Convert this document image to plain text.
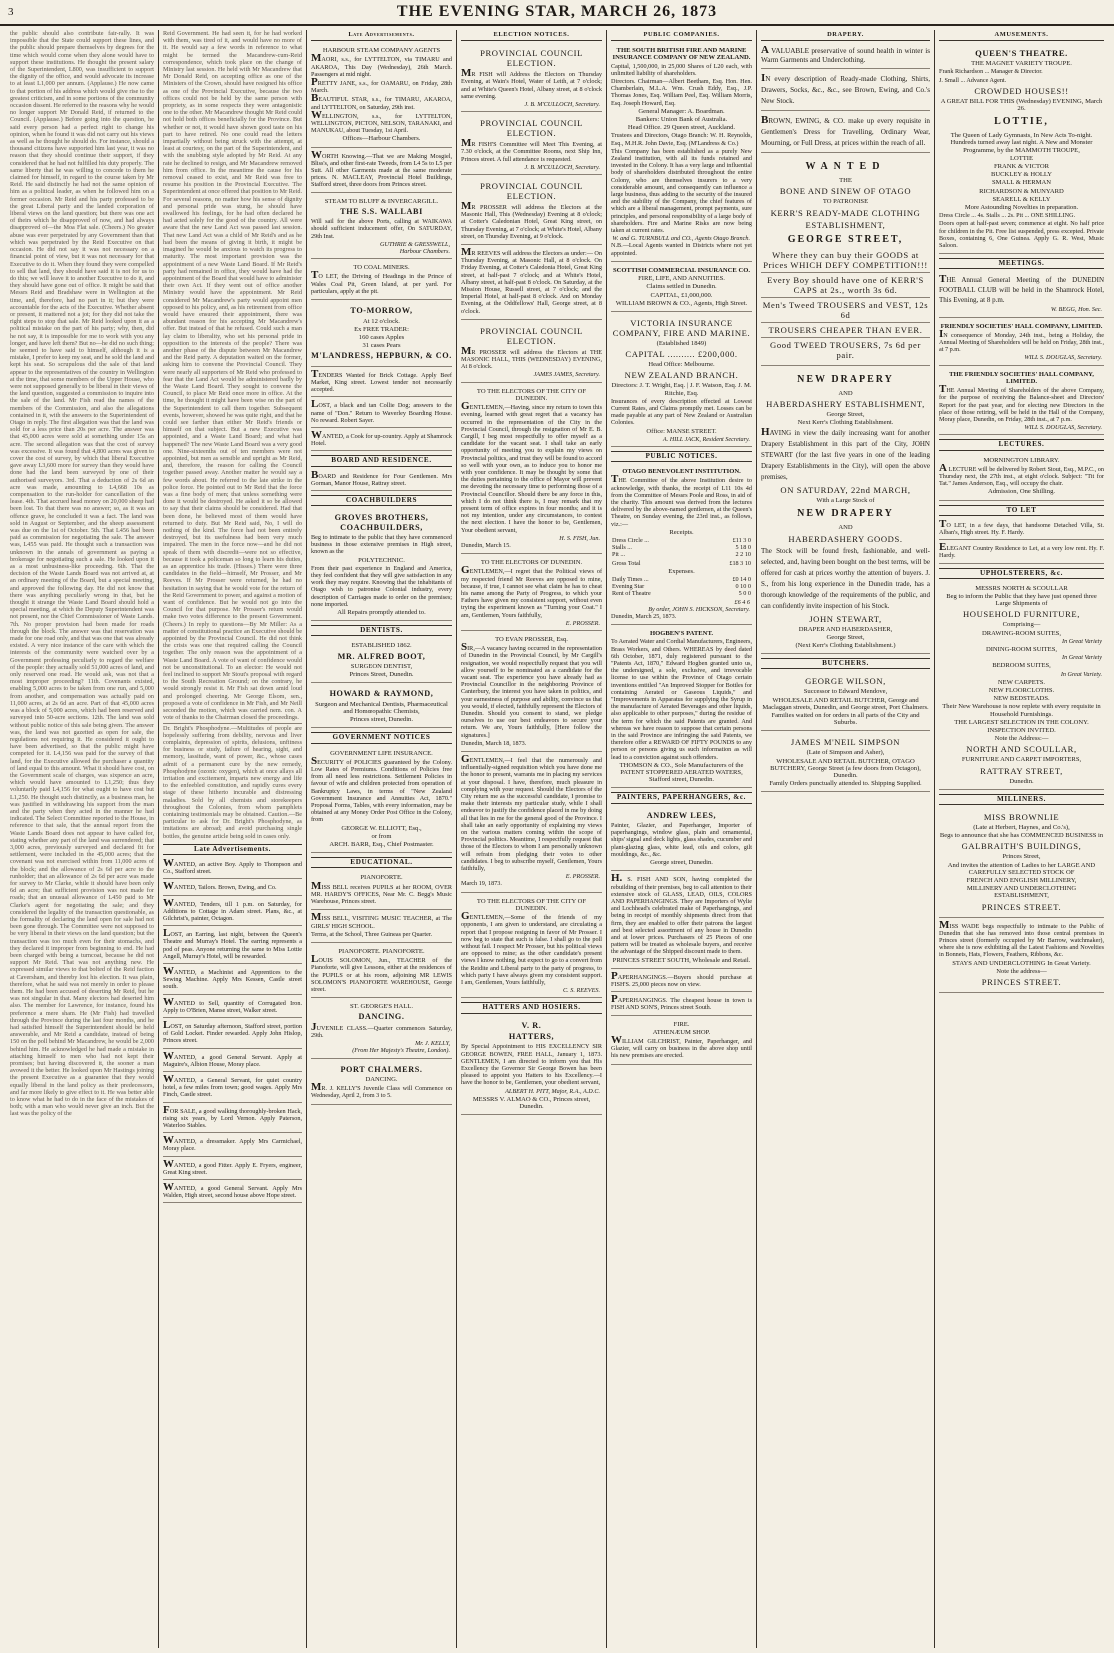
3	THE EVENING STAR, MARCH 26, 1873
the public should also contribute fair-rally. It was impossible that the State could support these lines, and the public should prepare themselves by degrees for the time which would come when they alone would have to support these institutions. He thought the present salary of the Superintendent, L800, was insufficient to support the dignity of the office, and would advocate its increase to at least L1,000 per annum. (Applause.) He now came to that portion of his address which would give rise to the greatest criticism, and in some portions of the community occasion dissent. He referred to the reasons why he would no longer support Mr Donald Reid, if returned to the Council. (Applause.) Before going into the question, he said every person had a perfect right to change his opinion, when he found it was did not carry out his views as well as he thought he should do. For instance, should a thousand citizens have supported him last year, it was no reason that they should continue their support, if they considered that he had not fulfilled his duty properly. The same liberty that he was willing to concede to them he claimed for himself, in regard to the course taken by Mr Reid. He said distinctly he had not the same opinion of him as a political leader, as when he followed him on a former occasion. Mr Reid and his party professed to be the great Liberal party and the landed corporation of liberal views on the land question; but there was one act of theirs which he disapproved of now, and had always disapproved of—the Moa Flat sale. (Cheers.) No greater abuse was ever perpetrated by any Government than that which was perpetrated by the Reid Executive on that occasion. He did not say it was not necessary on a financial point of view, but it was not necessary for that Executive to do it. When they found they were compelled to sell that land, they should have said it is not for us to do this; we will leave it to another Executive to do it, and they should have gone out of office. It might be said that Messrs Reid and Bradshaw were in Wellington at the time, and, therefore, had no part in it; but they were accountable for the acts of the Executive. Whether absent or present, it mattered not a jot; for they did not take the right steps to stop that sale. Mr Reid looked upon it as a political mistake on the part of his party; why, then, did he not say, it is impossible for me to work with you any longer, and have left them? But no—he did no such thing; he seemed to have said to himself, although it is a mistake, I prefer to keep my seat, and he sold the land and kept his seat. So scrupulous did the sale of that land appear to the representatives of the country in Wellington at the time, that some members of the Upper House, who were not supposed generally to be liberal in their views of the land question, suggested a commission to inquire into the sale of the land. Mr Fish read the names of the members of the Commission, and also the allegations contained in it, with the answers to the Superintendent of Otago in reply. The first allegation was that the land was sold for a less price than 20s per acre. The answer was that 45,000 acres were sold at something under 15s an acre. The second allegation was that the cost of survey was excessive. It was found that 4,800 acres was given to cover the cost of survey, by which that liberal Executive gave away L3,600 more for survey than they would have done had the land been surveyed by one of their authorised surveyors. 3rd. That a deduction of 2s 6d an acre was made, amounting to L4,668 10s as compensation to the run-holder for cancellation of the lease. 4th. That accrued head money on 20,000 sheep had been lost. To that there was no answer; so, as it was an offence grave, he concluded it was a fact. The land was sold in August or September, and the sheep assessment was due on the 1st of October. 5th. That L456 had been paid as commission for negotiating the sale. The answer was, L455 was paid. He thought such a transaction was unknown in the annals of government as paying a brokerage for negotiating such a sale. He looked upon it as a most unbusiness-like proceeding. 6th. That the decision of the Waste Lands Board was not arrived at, at an ordinary meeting of the Board, but a special meeting, and approved the following day. He did not know that there was anything peculiarly wrong in that, but he thought it strange the Waste Land Board should hold a special meeting, at which the Deputy Superintendent was not present, nor the Chief Commissioner of Waste Lands. 7th. No proper provision had been made for roads through the block. The answer was that reservation was made for one road only, and that was one that was already existed. A very nice instance of the care with which the interests of the community were watched over by a Government professing peculiarly to regard the welfare of the people: they actually sold 51,000 acres of land, and only reserved one road. He would ask, was not that a most improper proceeding? 11th. Covenants existed, enabling 5,000 acres to be taken from one run, and 5,000 from another, and compensation was actually paid on 11,000 acres, at 2s 6d an acre. Part of that 45,000 acres was a block of 5,000 acres, which had been reserved and surveyed into 50-acre sections. 12th. The land was sold without public notice of this sale being given. The answer was, the land was not gazetted as open for sale, the regulations not requiring it. He considered it ought to have been advertised, so that the public might have competed for it. L4,156 was paid for the survey of that land, for the Executive allowed the purchaser a quantity of land equal to this amount. What it should have cost, on the Government scale of charges, was sixpence an acre, which would have amounted to L1,250; thus they voluntarily paid L4,156 for what ought to have cost but L1,250. He thought such distinctly, as a business man, he was justified in withdrawing his support from the man and the party when they acted in the manner he had indicated. The Select Committee reported to the House, in reference to that sale, that the annual report from the Waste Lands Board does not appear to have called for, stating whether any part of the land was surrendered; that 3,000 acres, previously surveyed and declared fit for settlement, were included in the 45,000 acres; that the covenant was not exercised within from 11,000 acres of the block; and the allowance of 2s 6d per acre to the runholder; that an allowance of 2s 6d per acre was made for survey to Mr Clarke, while it should have been only 6d an acre; that sufficient provision was not made for roads; that an unusual allowance of L450 paid to Mr Clarke's agent for negotiating the sale; and they considered the legality of the transaction questionable, as the formality of declaring the land open for sale had not been gone through. The Committee were not supposed to be very liberal in their views on the land question; but the transaction was too much even for their stomachs, and they declared it improper from beginning to end. He had been charged with being a turncoat, because he did not support Mr Reid. That was not anything new. He expressed similar views to that bolted of the Reid faction at Caversham, and thereby lost his election. It was plain, therefore, what he said was not merely in order to please them. He had been accused of deserting Mr Reid, but he was not singular in that. Many electors had deserted him also. The member for Lawrence, for instance, found his preference a mere sham. He (Mr Fish) had travelled through the Province during the last four months, and he had satisfied himself the Superintendent should be held answerable, and Mr Reid a candidate, instead of being 150 on the poll behind Mr Macandrew, he would be 2,000 behind him. He acknowledged he had made a mistake in attaching himself to men who had not kept their promises; but having discovered it, the sooner a man avowed it the better. He looked upon Mr Hastings joining the present Executive as a guarantee that they would equally liberal in the land policy as their predecessors, and far more likely to give effect to it. He was better able to know what he had to do in the face of the mistakes of both; with a man who would never give an inch. But the last was the policy of the
Reid Government. He had seen it, for he had worked with them, was tired of it, and would have no more of it. He would say a few words in reference to what might be termed the Macandrew-cum-Reid correspondence, which took place on the change of Ministry last session. He held with Mr Macandrew that Mr Donald Reid, on accepting office as one of the Ministers of the Crown, should have resigned his office as one of the Provincial Executive, because the two offices could not be held by the same person with propriety, as in some respects they were antagonistic one to the other. Mr Macandrew thought Mr Reid could not hold both offices beneficially for the Province. But whether or not, it would have shown good taste on his part to have retired. No one could read the letters impartially without being struck with the attempt, at least at courtesy, on the part of the Superintendent, and with the snubbing style adopted by Mr Reid. At any rate he declined to resign, and Mr Macandrew removed him from office. In the meantime the cause for his removal ceased to exist, and Mr Reid was free to resume his position in the Provincial Executive. The Superintendent at once offered that position to Mr Reid. For several reasons, no matter how his sense of dignity and personal pride was stung, he should have swallowed his feelings, for he had often declared he had acted solely for the good of the country. All were aware that the new Land Act was passed last session. That new Land Act was a child of Mr Reid's and as he had been the means of giving it birth, it might be imagined he would be anxious to watch its progress to maturity. The most important provision was the appointment of a new Waste Land Board. If Mr Reid's party had remained in office, they would have had the appointment of the Board that would have to administer their own Act. If they went out of office another Ministry would have the appointment. Mr Reid considered Mr Macandrew's party would appoint men opposed to his policy, and, as his retirement from office would have ensured their appointment, there was abundant reason for his accepting Mr Macandrew's offer. But instead of that he refused. Could such a man lay claim to liberality, who set his personal pride in opposition to the interests of the people? There was another phase of the dispute between Mr Macandrew and the Reid party. A deputation waited on the former, asking him to convene the Provincial Council. They were nearly all supporters of Mr Reid who professed to fear that the Land Act would be administered badly by the Waste Land Board. They sought to convene the Council, to place Mr Reid once more in office. At the time, he thought it might have been wise on the part of the Superintendent to call them together. Subsequent events, however, showed he was quite right, and that he could see farther than either Mr Reid's friends or himself on that subject. But a new Executive was appointed, and a Waste Land Board; and what had happened? The new Waste Land Board was a very good one. Nine-sixteenths out of ten members were not appointed, but men as sensible and upright as Mr Reid, and, therefore, the reason for calling the Council together passed away. Another matter he would say a few words about. He referred to the late strike in the police force. He pointed out to Mr Reid that the force was a fine body of men; that unless something were done it would be destroyed. He asked it so be allowed to say that their claims should be considered. Had that been done, he believed most of them would have returned to duty. But Mr Reid said, No, I will do nothing of the kind. The force had not been entirely destroyed, but its usefulness had been very much impaired. The men in the force now—and he did not speak of them with discredit—were not so effective, because it took a policeman so long to learn his duties, as an apprentice his trade. (Hisses.) There were three candidates in the field—himself, Mr Prosser, and Mr Reeves. If Mr Prosser were returned, he had no hesitation in saying that he would vote for the return of the Reid Government to power, and against a motion of want of confidence. But he would not go into the Council for that purpose. Mr Prosser's return would make two votes difference to the present Government. (Cheers.) In reply to questions—By Mr Miller: As a matter of constitutional practice an Executive should be appointed by the Provincial Council. He did not think the crisis was one that required calling the Council together. The only reason was the appointment of a Waste Land Board. A vote of want of confidence would not be unconstitutional. To an elector: He would not feel inclined to support Mr Stout's proposal with regard to the South Recreation Ground; on the contrary, he would strongly resist it. Mr Fish sat down amid loud and prolonged cheering. Mr George Elsom, sen., proposed a vote of confidence in Mr Fish, and Mr Neill seconded the motion, which was carried nem. con. A vote of thanks to the Chairman closed the proceedings.
Dr. Bright's Phosphodyne.—Multitudes of people are hopelessly suffering from debility, nervous and liver complaints, depression of spirits, delusions, unfitness for business or study, failure of hearing, sight, and memory, lassitude, want of power, &c., whose cases admit of a permanent cure by the new remedy, Phosphodyne (ozonic oxygen), which at once allays all irritation and excitement, imparts new energy and life to the enfeebled constitution, and rapidly cures every stage of these hitherto incurable and distressing maladies. Sold by all chemists and storekeepers throughout the Colonies, from whom pamphlets containing testimonials may be obtained. Caution.—Be particular to ask for Dr. Bright's Phosphodyne, as imitations are abroad; and avoid purchasing single bottles, the genuine article being sold in cases only.
Late Advertisements.
WANTED, an active Boy. Apply to Thompson and Co., Stafford street.
WANTED, Tailors. Brown, Ewing, and Co.
WANTED, Tenders, till 1 p.m. on Saturday, for Additions to Cottage in Adam street. Plans, &c., at Gilchrist's, painter, Octagon.
LOST, an Earring, last night, between the Queen's Theatre and Murray's Hotel. The earring represents a pod of peas. Anyone returning the same to Miss Lottie Angell, Murray's Hotel, will be rewarded.
WANTED, a Machinist and Apprentices to the Sewing Machine. Apply Mrs Kessen, Castle street south.
WANTED to Sell, quantity of Corrugated Iron. Apply to O'Brien, Manse street, Walker street.
LOST, on Saturday afternoon, Stafford street, portion of Gold Locket. Finder rewarded. Apply John Hislop, Princes street.
WANTED, a good General Servant. Apply at Maguire's, Albion House, Moray place.
WANTED, a General Servant, for quiet country hotel, a few miles from town; good wages. Apply Mrs Finch, Castle street.
FOR SALE, a good walking thoroughly-broken Hack, rising six years, by Lord Vernon. Apply Paterson, Waterloo Stables.
WANTED, a dressmaker. Apply Mrs Carmichael, Moray place.
WANTED, a good Fitter. Apply E. Fryers, engineer, Great King street.
WANTED, a good General Servant. Apply Mrs Walden, High street, second house above Hope street.
Late Advertisements.
HARBOUR STEAM COMPANY AGENTS

MAORI, s.s., for LYTTELTON, via TIMARU and AKAROA, This Day (Wednesday), 26th March. Passengers at mid night.

PRETTY JANE, s.s., for OAMARU, on Friday, 28th March.

BEAUTIFUL STAR, s.s., for TIMARU, AKAROA, and LYTTELTON, on Saturday, 29th inst.

WELLINGTON, s.s., for LYTTELTON, WELLINGTON, PICTON, NELSON, TARANAKI, and MANUKAU, about Tuesday, 1st April.

Offices—Harbour Chambers.
WORTH Knowing.—That we are Making Mosgiel, Bliss's, and other first-rate Tweeds, from L4 5s to L5 per Suit. All other Garments made at the same moderate prices. N. MACLEAY, Provincial Hotel Buildings, Stafford street, three doors from Princes street.
STEAM TO BLUFF & INVERCARGILL.
THE S.S. WALLABI

Will sail for the above Ports, calling at WAIKAWA should sufficient inducement offer, On SATURDAY, 29th Inst.

GUTHRIE & GRESSWELL,
Harbour Chambers.
TO COAL MINERS.

TO LET, the Driving of Headings in the Prince of Wales Coal Pit, Green Island, at per yard. For particulars, apply at the pit.

TO-MORROW,
At 12 o'clock.
Ex FREE TRADER:
160 cases Apples
31 cases Pears
M'LANDRESS, HEPBURN, & CO.
TENDERS Wanted for Brick Cottage. Apply Beef Market, King street. Lowest tender not necessarily accepted.
LOST, a black and tan Collie Dog; answers to the name of "Don." Return to Waverley Boarding House. No reward. Robert Sayer.
WANTED, a Cook for up-country. Apply at Shamrock Hotel.
BOARD AND RESIDENCE.
BOARD and Residence for Four Gentlemen. Mrs Gorman, Manor House, Rattray street.
COACHBUILDERS
GROVES BROTHERS, COACHBUILDERS,

Beg to intimate to the public that they have commenced business in those extensive premises in High street, known as the

POLYTECHNIC.

From their past experience in England and America, they feel confident that they will give satisfaction in any work they may require. Knowing that the inhabitants of Otago wish to patronise Colonial industry, every description of Carriages made to order on the premises; none imported.

All Repairs promptly attended to.
DENTISTS.
ESTABLISHED 1862.
MR. ALFRED BOOT,
SURGEON DENTIST,
Princes Street, Dunedin.
HOWARD & RAYMOND,
Surgeon and Mechanical Dentists, Pharmaceutical and Homœopathic Chemists,
Princes street, Dunedin.
GOVERNMENT NOTICES
GOVERNMENT LIFE INSURANCE.

SECURITY of POLICIES guaranteed by the Colony. Low Rates of Premiums. Conditions of Policies free from all need less restrictions. Settlement Policies in favour of wife and children protected from operation of Bankruptcy Laws, in terms of "New Zealand Government Insurance and Annuities Act, 1870." Proposal Forms, Tables, with every information, may be obtained at any Money Order Post Office in the Colony, from

GEORGE W. ELLIOTT, Esq.,
or from
ARCH. BARR, Esq., Chief Postmaster.
EDUCATIONAL.
PIANOFORTE.

MISS BELL receives PUPILS at her ROOM, OVER MR. HARDY'S OFFICES, Near Mr. C. Begg's Music Warehouse, Princes street.

MISS BELL, VISITING MUSIC TEACHER, at The GIRLS' HIGH SCHOOL.

Terms, at the School, Three Guineas per Quarter.

PIANOFORTE. PIANOFORTE.

LOUIS SOLOMON, Jun., TEACHER of the Pianoforte, will give Lessons, either at the residences of the PUPILS or at his room, adjoining MR LEWIS SOLOMON'S PIANOFORTE WAREHOUSE, George street.

ST. GEORGE'S HALL.
DANCING.

JUVENILE CLASS.—Quarter commences Saturday, 29th.

Mr. J. KELLY,
(From Her Majesty's Theatre, London).
PORT CHALMERS.
DANCING.

MR. J. KELLY'S Juvenile Class will Commence on Wednesday, April 2, from 3 to 5.

ELECTION NOTICES.
PROVINCIAL COUNCIL ELECTION.

MR FISH will Address the Electors on Thursday Evening, at Wain's Hotel, Water of Leith, at 7 o'clock; and at White's Queen's Hotel, Albany street, at 8 o'clock same evening.

J. B. M'CULLOCH, Secretary.
PROVINCIAL COUNCIL ELECTION.

MR FISH'S Committee will Meet This Evening, at 7.30 o'clock, at the Committee Rooms, next Ship Inn, Princes street. A full attendance is requested.

J. B. M'CULLOCH, Secretary.
PROVINCIAL COUNCIL ELECTION.

MR PROSSER will address the Electors at the Masonic Hall, This (Wednesday) Evening at 8 o'clock; at Cotter's Caledonian Hotel, Great King street, on Thursday Evening, at 7 o'clock; at White's Hotel, Albany street, on Thursday Evening, at 9 o'clock.

MR REEVES will address the Electors as under:— On Thursday Evening, at Masonic Hall, at 8 o'clock. On Friday Evening, at Cotter's Caledonia Hotel, Great King street, at half-past 7 o'clock; and at White's Hotel, Albany street, at half-past 8 o'clock. On Saturday, at the Mission House, Russell street, at 7 o'clock; and the Imperial Hotel, at half-past 8 o'clock. And on Monday Evening, at the Oddfellows' Hall, George street, at 8 o'clock.

PROVINCIAL COUNCIL ELECTION.

MR PROSSER will address the Electors at THE MASONIC HALL, THIS (WEDNESDAY) EVENING, At 8 o'clock.

JAMES JAMES, Secretary.
TO THE ELECTORS OF THE CITY OF DUNEDIN.

GENTLEMEN,—Having, since my return to town this evening, learned with great regret that a vacancy has occurred in the representation of the City in the Provincial Council, through the resignation of Mr E. B. Cargill, I beg most respectfully to offer myself as a candidate for the vacant seat. I shall take an early opportunity of meeting you to explain my views on Provincial politics, and trust they will be found to accord so well with your own, as to induce you to honor me with your confidence. It may be thought by some that the duties pertaining to the office of Mayor will prevent me devoting the necessary time to performing those of a Provincial Councillor. Should there be any force in this, which I do not think there is, I may remark that my present term of office expires in four months; and it is not my intention, under any circumstances, to contest the next election. I have the honor to be, Gentlemen, Your obedient servant,

H. S. FISH, Jun.

Dunedin, March 15.

TO THE ELECTORS OF DUNEDIN.

GENTLEMEN,—I regret that the Political views of my respected friend Mr Reeves are opposed to mine, because, if true, I cannot see what claim he has to cheat his name among the Party of Progress, to which your Fathers have given my consistent support, without even trying the experiment known as "Turning your Coat." I am, Gentlemen, Yours faithfully,

E. PROSSER.
TO EVAN PROSSER, Esq.

SIR,—A vacancy having occurred in the representation of Dunedin in the Provincial Council, by Mr Cargill's resignation, we would respectfully request that you will allow yourself to be nominated as a candidate for the vacant seat. The experience you have already had as Provincial Councillor in the neighboring Province of Canterbury, the interest you have taken in politics, and your earnestness of purpose and ability, convince us that you would, if elected, faithfully represent the Electors of Dunedin. Should you consent to stand, we pledge ourselves to use our best endeavors to secure your return. We are, Yours faithfully, [Here follow the signatures.]

Dunedin, March 18, 1873.

GENTLEMEN,—I feel that the numerously and influentially-signed requisition which you have done me the honor to present, warrants me in placing my services at your disposal. I have, therefore, much pleasure in complying with your request. Should the Electors of the City return me as the successful candidate, I promise to make their interests my particular study, while I shall endeavor to justify the confidence placed in me by doing all that lies in me for the general good of the Province. I shall take an early opportunity of explaining my views on the various matters coming within the scope of Provincial politics. Meantime, I respectfully request that those of the Electors to whom I am personally unknown will refrain from pledging their votes to other candidates. I beg to subscribe myself, Gentlemen, Yours faithfully,

E. PROSSER.

March 19, 1873.

TO THE ELECTORS OF THE CITY OF DUNEDIN.

GENTLEMEN,—Some of the friends of my opponents, I am given to understand, are circulating a report that I propose resigning in favor of Mr Prosser. I now beg to state that such is false. I shall go to the poll without fail. I respect Mr Prosser, but his political views are opposed to mine; as the other candidate's present views I know nothing, but expect to go to a convert from the Reidite and Liberal party to the party of progress, to which party I have always given my consistent support. I am, Gentlemen, Yours faithfully,

C. S. REEVES.
HATTERS AND HOSIERS.
V. R.
HATTERS,

By Special Appointment to HIS EXCELLENCY SIR GEORGE BOWEN, FREE HALL, January 1, 1873. GENTLEMEN, I am directed to inform you that His Excellency the Governor Sir George Bowen has been pleased to appoint you Hatters to his Excellency.—I have the honor to be, Gentlemen, your obedient servant,

ALBERT H. PITT, Major, R.A., A.D.C.
MESSRS V. ALMAO & CO., Princes street, Dunedin.
PUBLIC COMPANIES.
THE SOUTH BRITISH FIRE AND MARINE INSURANCE COMPANY OF NEW ZEALAND.

Capital, 1,500,000, in 25,000 Shares of L20 each, with unlimited liability of shareholders.

Directors. Chairman—Albert Beetham, Esq. Hon. Hen. Chamberlain, M.L.A. Wm. Crush Eddy, Esq., J.P. Thomas Jones, Esq. William Peel, Esq. William Morris, Esq. Joseph Howard, Esq.

General Manager: A. Boardman.
Bankers: Union Bank of Australia.
Head Office. 29 Queen street, Auckland.

Trustees and Directors, Otago Branch: W. H. Reynolds, Esq., M.H.R. John Davie, Esq. (M'Landress & Co.)

This Company has been established as a purely New Zealand institution, with all its funds retained and invested in the Colony. It has a very large and influential body of shareholders distributed throughout the entire Colony, who are themselves insurers to a very considerable amount, and consequently can influence a large business, thus adding to the security of the insured and the stability of the Company, the chief features of which are a liberal management, prompt payments, sure principles, and personal responsibility of a large body of shareholders. Fire and Marine Risks are now being taken at current rates.

W. and G. TURNBULL and CO., Agents Otago Branch.

N.B.—Local Agents wanted in Districts where not yet appointed.

SCOTTISH COMMERCIAL INSURANCE CO.
FIRE, LIFE, AND ANNUITIES.
Claims settled in Dunedin.
CAPITAL, £1,000,000.
WILLIAM BROWN & CO., Agents, High Street.
VICTORIA INSURANCE COMPANY, FIRE AND MARINE.
(Established 1849)
CAPITAL .......... £200,000.
Head Office: Melbourne.
NEW ZEALAND BRANCH.
Directors: J. T. Wright, Esq. | J. F. Watson, Esq. J. M. Ritchie, Esq.

Insurances of every description effected at Lowest Current Rates, and Claims promptly met. Losses can be made payable at any part of New Zealand or Australian Colonies.

Office: MANSE STREET.
A. HILL JACK, Resident Secretary.
PUBLIC NOTICES.
OTAGO BENEVOLENT INSTITUTION.

THE Committee of the above Institution desire to acknowledge, with thanks, the receipt of L11 10s 4d from the Committee of Messrs Poole and Ross, in aid of the charity. This amount was derived from the lectures delivered by the above-named gentlemen, at the Queen's Theatre, on Sunday evening, the 23rd inst., as follows, viz.:—

Receipts.
Dress Circle ...	£11 3 0
Stalls ...	5 18 0
Pit ...	2 2 10
Gross Total	£18 3 10
Expenses.
Daily Times ...	£0 14 0
Evening Star	0 10 0
Rent of Theatre	5 0 0
£6 4 6
By order, JOHN S. HICKSON, Secretary.

Dunedin, March 25, 1873.

HOGBEN'S PATENT.

To Aerated Water and Cordial Manufacturers, Engineers, Brass Workers, and Others. WHEREAS by deed dated 6th October, 1871, duly registered pursuant to the "Patents Act, 1870," Edward Hogben granted unto us, the undersigned, a sole, exclusive, and irrevocable license to use within the Province of Otago certain inventions entitled "An Improved Stopper for Bottles for containing Aerated or Gaseous Liquids," and "Improvements in Apparatus for supplying the Syrup in the manufacture of Aerated Beverages and other liquids, also applicable to other purposes," during the residue of the term for which the said Patents are granted. And whereas we have reason to suppose that certain persons in the said Province are infringing the said Patents, we therefore offer a REWARD OF FIFTY POUNDS to any person or persons giving us such information as will lead to a conviction against such offenders.

THOMSON & CO., Sole Manufacturers of the PATENT STOPPERED AERATED WATERS, Stafford street, Dunedin.
PAINTERS, PAPERHANGERS, &c.
ANDREW LEES,

Painter, Glazier, and Paperhanger, Importer of paperhangings, window glass, plain and ornamental, ships' signal and deck lights, glass shades, cucumber and plant-glazing glass, white lead, oils and colors, gilt mouldings, &c., &c.

George street, Dunedin.

H. S. FISH AND SON, having completed the rebuilding of their premises, beg to call attention to their extensive stock of GLASS, LEAD, OILS, COLORS AND PAPERHANGINGS. They are Importers of Wylie and Lochhead's celebrated make of Paperhangings, and being in receipt of monthly shipments direct from that firm, they are enabled to offer their patrons the largest and best selected assortment of any house in Dunedin and at lower prices. Purchasers of 25 Pieces of one pattern will be treated as wholesale buyers, and receive the advantage of the Shipped discount made to them.

PRINCES STREET SOUTH, Wholesale and Retail.
PAPERHANGINGS.—Buyers should purchase at FISH'S. 25,000 pieces now on view.
PAPERHANGINGS. The cheapest house in town is FISH AND SON'S, Princes street South.
FIRE.
ATHENÆUM SHOP.

WILLIAM GILCHRIST, Painter, Paperhanger, and Glazier, will carry on business in the above shop until his new premises are erected.

DRAPERY.
A VALUABLE preservative of sound health in winter is Warm Garments and Underclothing.
IN every description of Ready-made Clothing, Shirts, Drawers, Socks, &c., &c., see Brown, Ewing, and Co.'s New Stock.
BROWN, EWING, & CO. make up every requisite in Gentlemen's Dress for Travelling, Ordinary Wear, Mourning, or Full Dress, at prices within the reach of all.
WANTED
THE
BONE AND SINEW OF OTAGO
TO PATRONISE
KERR'S READY-MADE CLOTHING
ESTABLISHMENT,
GEORGE STREET,
Where they can buy their GOODS at Prices WHICH DEFY COMPETITION!!!
Every Boy should have one of KERR'S CAPS at 2s., worth 3s 6d.
Men's Tweed TROUSERS and VEST, 12s 6d
TROUSERS CHEAPER THAN EVER.
Good TWEED TROUSERS, 7s 6d per pair.
NEW DRAPERY
AND
HABERDASHERY ESTABLISHMENT,
George Street,
Next Kerr's Clothing Establishment.

HAVING in view the daily increasing want for another Drapery Establishment in this part of the City, JOHN STEWART (for the last five years in one of the leading Drapery Establishments in the City), will open the above premises,

ON SATURDAY, 22nd MARCH,
With a Large Stock of
NEW DRAPERY
AND
HABERDASHERY GOODS.

The Stock will be found fresh, fashionable, and well-selected, and, having been bought on the best terms, will be offered for cash at prices worthy the attention of buyers. J. S., from his long experience in the Dunedin trade, has a thorough knowledge of the requirements of the public, and can confidently invite inspection of his Stock.

JOHN STEWART,
DRAPER AND HABERDASHER,
George Street,
(Next Kerr's Clothing Establishment.)
BUTCHERS.
GEORGE WILSON,
Successor to Edward Mendove,
WHOLESALE AND RETAIL BUTCHER, George and Maclaggan streets, Dunedin, and George street, Port Chalmers.
Families waited on for orders in all parts of the City and Suburbs.
JAMES M'NEIL SIMPSON
(Late of Simpson and Asher),
WHOLESALE AND RETAIL BUTCHER, OTAGO BUTCHERY, George Street (a few doors from Octagon), Dunedin.
Family Orders punctually attended to. Shipping Supplied.
AMUSEMENTS.
QUEEN'S THEATRE.
THE MAGNET VARIETY TROUPE.

Frank Richardson ... Manager & Director.

J. Small ... Advance Agent.

CROWDED HOUSES!!
A GREAT BILL FOR THIS (Wednesday) EVENING, March 26.
LOTTIE,
The Queen of Lady Gymnasts, In New Acts To-night. Hundreds turned away last night. A New and Monster Programme, by the MAMMOTH TROUPE,
LOTTIE
FRANK & VICTOR
BUCKLEY & HOLLY
SMALL & HERMAN
RICHARDSON & MUNYARD
SEARELL & KELLY
More Astounding Novelties in preparation.

Dress Circle ... 4s. Stalls ... 2s. Pit ... ONE SHILLING.

Doors open at half-past seven; commence at eight. No half price for children in the Pit. Free list suspended, press excepted. Private Boxes, containing 6, One Guinea. Apply G. R. West, Music Saloon.

MEETINGS.

THE Annual General Meeting of the DUNEDIN FOOTBALL CLUB will be held in the Shamrock Hotel, This Evening, at 8 p.m.

W. BEGG, Hon. Sec.
FRIENDLY SOCIETIES' HALL COMPANY, LIMITED.

IN consequence of Monday, 24th inst., being a Holiday, the Annual Meeting of Shareholders will be held on Friday, 28th inst., at 7 p.m.

WILL S. DOUGLAS, Secretary.
THE FRIENDLY SOCIETIES' HALL COMPANY, LIMITED.

THE Annual Meeting of Shareholders of the above Company, for the purpose of receiving the Balance-sheet and Directors' Report for the past year, and for electing new Directors in the place of those retiring, will be held in the Hall of the Company, Moray place, Dunedin, on Friday, 28th inst., at 7 p.m.

WILL S. DOUGLAS, Secretary.
LECTURES.
MORNINGTON LIBRARY.

A LECTURE will be delivered by Robert Stout, Esq., M.P.C., on Thursday next, the 27th inst., at eight o'clock. Subject: "Tit for Tat." James Anderson, Esq., will occupy the chair.

Admission, One Shilling.
TO LET
TO LET, in a few days, that handsome Detached Villa, St. Alban's, High street. Hy. F. Hardy.
ELEGANT Country Residence to Let, at a very low rent. Hy. F. Hardy.
UPHOLSTERERS, &c.
MESSRS NORTH & SCOULLAR
Beg to inform the Public that they have just opened three Large Shipments of
HOUSEHOLD FURNITURE,
Comprising—
DRAWING-ROOM SUITES,
In Great Variety
DINING-ROOM SUITES,
In Great Variety
BEDROOM SUITES,
In Great Variety.
NEW CARPETS.
NEW FLOORCLOTHS.
NEW BEDSTEADS.
Their New Warehouse is now replete with every requisite in Household Furnishings.
THE LARGEST SELECTION IN THE COLONY.
INSPECTION INVITED.
Note the Address:—
NORTH AND SCOULLAR,
FURNITURE AND CARPET IMPORTERS,
RATTRAY STREET,
Dunedin.
MILLINERS.
MISS BROWNLIE
(Late at Herbert, Haynes, and Co.'s),
Begs to announce that she has COMMENCED BUSINESS in
GALBRAITH'S BUILDINGS,
Princes Street,
And invites the attention of Ladies to her LARGE AND CAREFULLY SELECTED STOCK OF
FRENCH AND ENGLISH MILLINERY,
MILLINERY AND UNDERCLOTHING ESTABLISHMENT,
PRINCES STREET.

MISS WADE begs respectfully to intimate to the Public of Dunedin that she has removed into those central premises in Princes street (formerly occupied by Mr Barrow, watchmaker), where she is now exhibiting all the Latest Fashions and Novelties in Bonnets, Hats, Flowers, Feathers, Ribbons, &c.

STAYS AND UNDERCLOTHING In Great Variety.
Note the address—
PRINCES STREET.
